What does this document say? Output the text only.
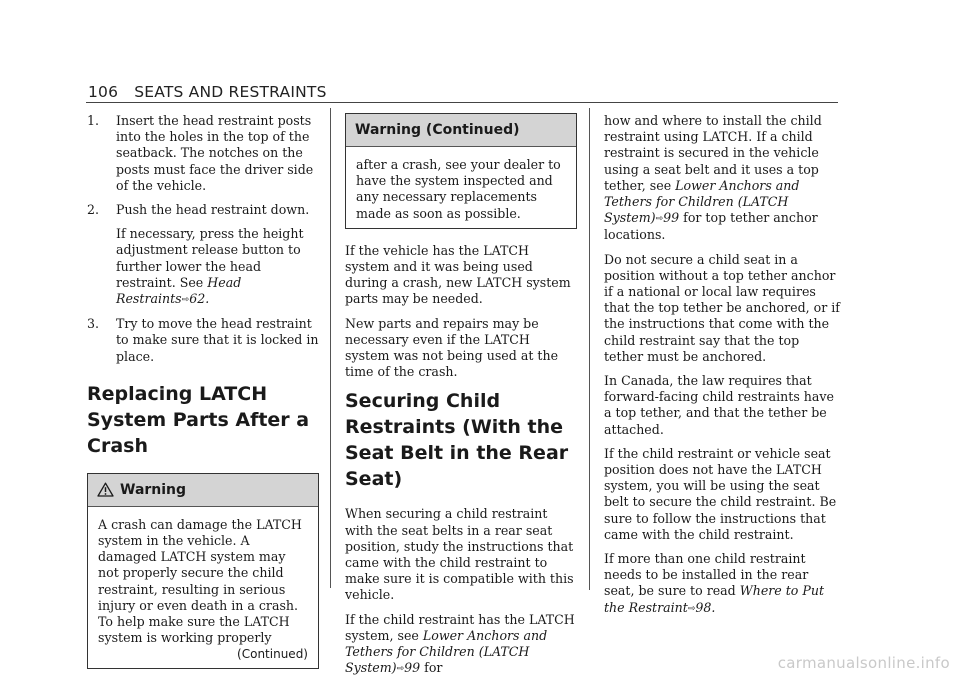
106 SEATS AND RESTRAINTS
1. Insert the head restraint posts into the holes in the top of the seatback. The notches on the posts must face the driver side of the vehicle.

2. Push the head restraint down.

If necessary, press the height adjustment release button to further lower the head restraint. See Head Restraints⇨62.

3. Try to move the head restraint to make sure that it is locked in place.

Replacing LATCH System Parts After a Crash
Warning
A crash can damage the LATCH system in the vehicle. A damaged LATCH system may not properly secure the child restraint, resulting in serious injury or even death in a crash. To help make sure the LATCH system is working properly
(Continued)
Warning (Continued)
after a crash, see your dealer to have the system inspected and any necessary replacements made as soon as possible.

If the vehicle has the LATCH system and it was being used during a crash, new LATCH system parts may be needed.

New parts and repairs may be necessary even if the LATCH system was not being used at the time of the crash.

Securing Child Restraints (With the Seat Belt in the Rear Seat)

When securing a child restraint with the seat belts in a rear seat position, study the instructions that came with the child restraint to make sure it is compatible with this vehicle.

If the child restraint has the LATCH system, see Lower Anchors and Tethers for Children (LATCH System)⇨99 for

how and where to install the child restraint using LATCH. If a child restraint is secured in the vehicle using a seat belt and it uses a top tether, see Lower Anchors and Tethers for Children (LATCH System)⇨99 for top tether anchor locations.

Do not secure a child seat in a position without a top tether anchor if a national or local law requires that the top tether be anchored, or if the instructions that come with the child restraint say that the top tether must be anchored.

In Canada, the law requires that forward-facing child restraints have a top tether, and that the tether be attached.

If the child restraint or vehicle seat position does not have the LATCH system, you will be using the seat belt to secure the child restraint. Be sure to follow the instructions that came with the child restraint.

If more than one child restraint needs to be installed in the rear seat, be sure to read Where to Put the Restraint⇨98.

carmanualsonline.info
